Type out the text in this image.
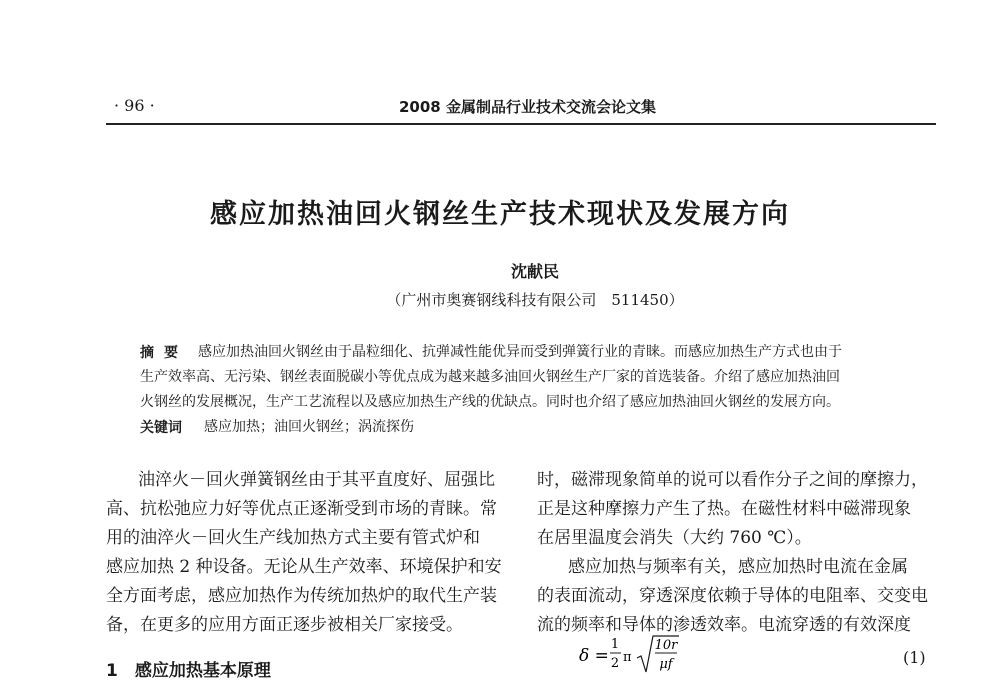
· 96 ·	2008 金属制品行业技术交流会论文集
感应加热油回火钢丝生产技术现状及发展方向
沈献民
（广州市奥赛钢线科技有限公司　511450）
摘要 感应加热油回火钢丝由于晶粒细化、抗弹减性能优异而受到弹簧行业的青睐。而感应加热生产方式也由于
生产效率高、无污染、钢丝表面脱碳小等优点成为越来越多油回火钢丝生产厂家的首选装备。介绍了感应加热油回
火钢丝的发展概况，生产工艺流程以及感应加热生产线的优缺点。同时也介绍了感应加热油回火钢丝的发展方向。
关键词 感应加热；油回火钢丝；涡流探伤
油淬火－回火弹簧钢丝由于其平直度好、屈强比
高、抗松弛应力好等优点正逐渐受到市场的青睐。常
用的油淬火－回火生产线加热方式主要有管式炉和
感应加热 2 种设备。无论从生产效率、环境保护和安
全方面考虑，感应加热作为传统加热炉的取代生产装
备，在更多的应用方面正逐步被相关厂家接受。
1　感应加热基本原理
时，磁滞现象简单的说可以看作分子之间的摩擦力，
正是这种摩擦力产生了热。在磁性材料中磁滞现象
在居里温度会消失（大约 760 ℃）。
感应加热与频率有关，感应加热时电流在金属
的表面流动，穿透深度依赖于导体的电阻率、交变电
流的频率和导体的渗透效率。电流穿透的有效深度
δ =
1
2 π
10r
μf	(1)
